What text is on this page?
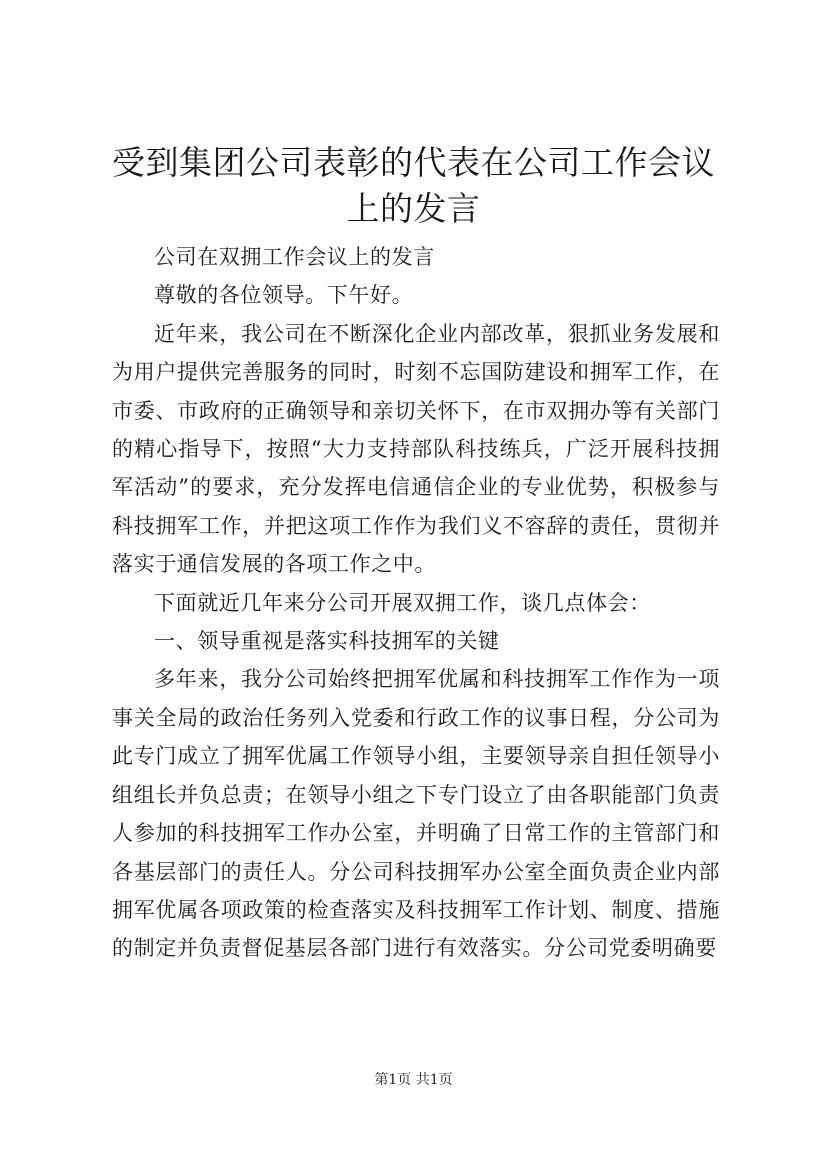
受到集团公司表彰的代表在公司工作会议上的发言

公司在双拥工作会议上的发言

尊敬的各位领导。下午好。

近年来，我公司在不断深化企业内部改革，狠抓业务发展和为用户提供完善服务的同时，时刻不忘国防建设和拥军工作，在市委、市政府的正确领导和亲切关怀下，在市双拥办等有关部门的精心指导下，按照“大力支持部队科技练兵，广泛开展科技拥军活动”的要求，充分发挥电信通信企业的专业优势，积极参与科技拥军工作，并把这项工作作为我们义不容辞的责任，贯彻并落实于通信发展的各项工作之中。

下面就近几年来分公司开展双拥工作，谈几点体会：

一、领导重视是落实科技拥军的关键

多年来，我分公司始终把拥军优属和科技拥军工作作为一项事关全局的政治任务列入党委和行政工作的议事日程，分公司为此专门成立了拥军优属工作领导小组，主要领导亲自担任领导小组组长并负总责；在领导小组之下专门设立了由各职能部门负责人参加的科技拥军工作办公室，并明确了日常工作的主管部门和各基层部门的责任人。分公司科技拥军办公室全面负责企业内部拥军优属各项政策的检查落实及科技拥军工作计划、制度、措施的制定并负责督促基层各部门进行有效落实。分公司党委明确要

第1页 共1页
